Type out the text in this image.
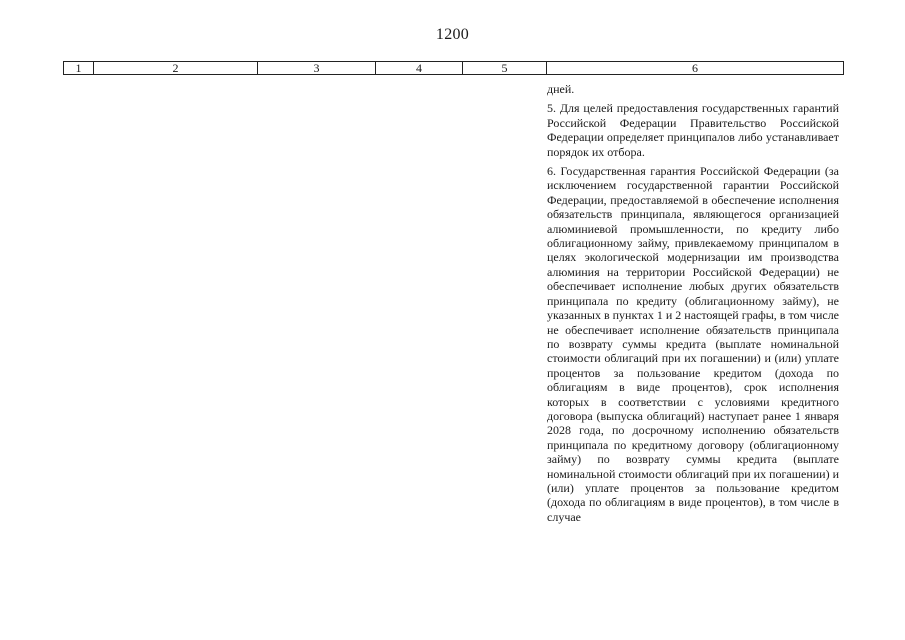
1200
1	2	3	4	5	6

дней.

5. Для целей предоставления государственных гарантий Российской Федерации Правительство Российской Федерации определяет принципалов либо устанавливает порядок их отбора.

6. Государственная гарантия Российской Федерации (за исключением государственной гарантии Российской Федерации, предоставляемой в обеспечение исполнения обязательств принципала, являющегося организацией алюминиевой промышленности, по кредиту либо облигационному займу, привлекаемому принципалом в целях экологической модернизации им производства алюминия на территории Российской Федерации) не обеспечивает исполнение любых других обязательств принципала по кредиту (облигационному займу), не указанных в пунктах 1 и 2 настоящей графы, в том числе не обеспечивает исполнение обязательств принципала по возврату суммы кредита (выплате номинальной стоимости облигаций при их погашении) и (или) уплате процентов за пользование кредитом (дохода по облигациям в виде процентов), срок исполнения которых в соответствии с условиями кредитного договора (выпуска облигаций) наступает ранее 1 января 2028 года, по досрочному исполнению обязательств принципала по кредитному договору (облигационному займу) по возврату суммы кредита (выплате номинальной стоимости облигаций при их погашении) и (или) уплате процентов за пользование кредитом (дохода по облигациям в виде процентов), в том числе в случае
